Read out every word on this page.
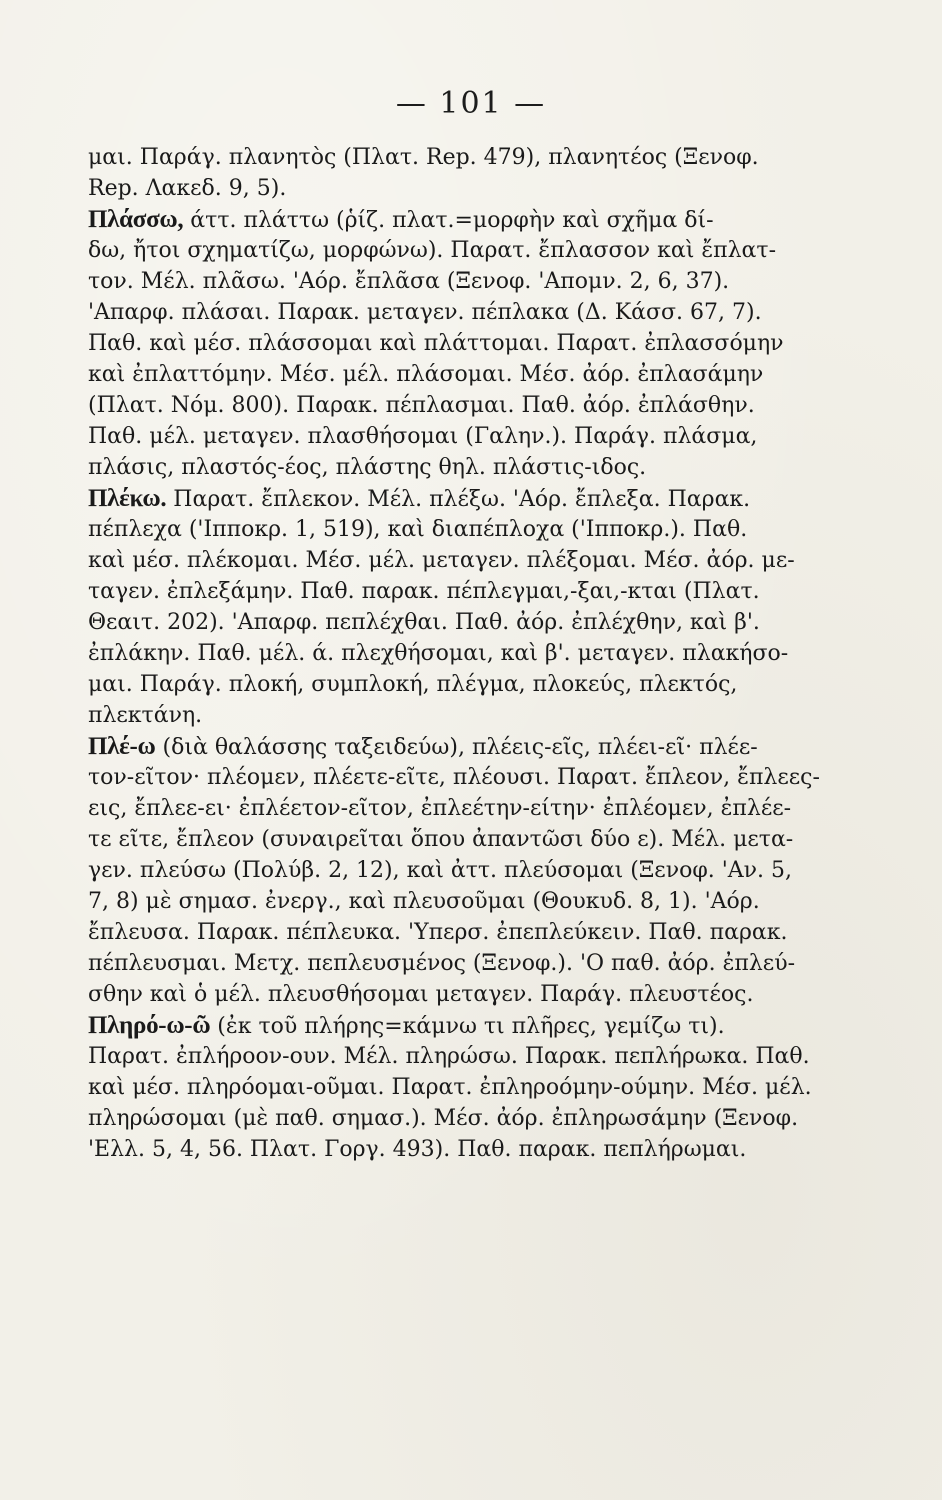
— 101 —
μαι. Παράγ. πλανητὸς (Πλατ. Rep. 479), πλανητέος (Ξενοφ.
Rep. Λακεδ. 9, 5).
Πλάσσω, άττ. πλάττω (ῥίζ. πλατ.=μορφὴν καὶ σχῆμα δί-
δω, ἤτοι σχηματίζω, μορφώνω). Παρατ. ἔπλασσον καὶ ἔπλατ-
τον. Μέλ. πλᾶσω. 'Αόρ. ἔπλᾶσα (Ξενοφ. 'Απομν. 2, 6, 37).
'Απαρφ. πλάσαι. Παρακ. μεταγεν. πέπλακα (Δ. Κάσσ. 67, 7).
Παθ. καὶ μέσ. πλάσσομαι καὶ πλάττομαι. Παρατ. ἐπλασσόμην
καὶ ἐπλαττόμην. Μέσ. μέλ. πλάσομαι. Μέσ. ἀόρ. ἐπλασάμην
(Πλατ. Νόμ. 800). Παρακ. πέπλασμαι. Παθ. ἀόρ. ἐπλάσθην.
Παθ. μέλ. μεταγεν. πλασθήσομαι (Γαλην.). Παράγ. πλάσμα,
πλάσις, πλαστός-έος, πλάστης θηλ. πλάστις-ιδος.
Πλέκω. Παρατ. ἔπλεκον. Μέλ. πλέξω. 'Αόρ. ἔπλεξα. Παρακ.
πέπλεχα ('Ιπποκρ. 1, 519), καὶ διαπέπλοχα ('Ιπποκρ.). Παθ.
καὶ μέσ. πλέκομαι. Μέσ. μέλ. μεταγεν. πλέξομαι. Μέσ. ἀόρ. με-
ταγεν. ἐπλεξάμην. Παθ. παρακ. πέπλεγμαι,-ξαι,-κται (Πλατ.
Θεαιτ. 202). 'Απαρφ. πεπλέχθαι. Παθ. ἀόρ. ἐπλέχθην, καὶ β'.
ἐπλάκην. Παθ. μέλ. ά. πλεχθήσομαι, καὶ β'. μεταγεν. πλακήσο-
μαι. Παράγ. πλοκή, συμπλοκή, πλέγμα, πλοκεύς, πλεκτός,
πλεκτάνη.
Πλέ-ω (διὰ θαλάσσης ταξειδεύω), πλέεις-εῖς, πλέει-εῖ· πλέε-
τον-εῖτον· πλέομεν, πλέετε-εῖτε, πλέουσι. Παρατ. ἔπλεον, ἔπλεες-
εις, ἔπλεε-ει· ἐπλέετον-εῖτον, ἐπλεέτην-είτην· ἐπλέομεν, ἐπλέε-
τε εῖτε, ἔπλεον (συναιρεῖται ὅπου ἀπαντῶσι δύο ε). Μέλ. μετα-
γεν. πλεύσω (Πολύβ. 2, 12), καὶ ἀττ. πλεύσομαι (Ξενοφ. 'Αν. 5,
7, 8) μὲ σημασ. ἐνεργ., καὶ πλευσοῦμαι (Θουκυδ. 8, 1). 'Αόρ.
ἔπλευσα. Παρακ. πέπλευκα. 'Υπερσ. ἐπεπλεύκειν. Παθ. παρακ.
πέπλευσμαι. Μετχ. πεπλευσμένος (Ξενοφ.). 'Ο παθ. ἀόρ. ἐπλεύ-
σθην καὶ ὁ μέλ. πλευσθήσομαι μεταγεν. Παράγ. πλευστέος.
Πληρό-ω-ῶ (ἐκ τοῦ πλήρης=κάμνω τι πλῆρες, γεμίζω τι).
Παρατ. ἐπλήροον-ουν. Μέλ. πληρώσω. Παρακ. πεπλήρωκα. Παθ.
καὶ μέσ. πληρόομαι-οῦμαι. Παρατ. ἐπληροόμην-ούμην. Μέσ. μέλ.
πληρώσομαι (μὲ παθ. σημασ.). Μέσ. ἀόρ. ἐπληρωσάμην (Ξενοφ.
'Ελλ. 5, 4, 56. Πλατ. Γοργ. 493). Παθ. παρακ. πεπλήρωμαι.
